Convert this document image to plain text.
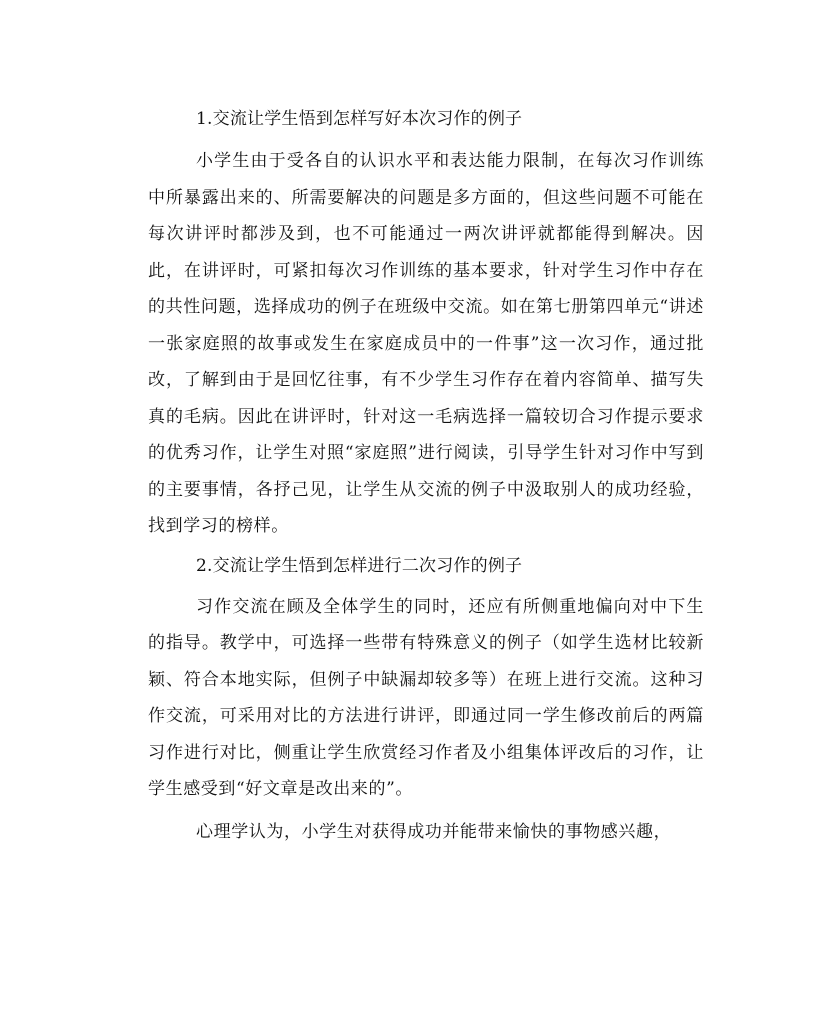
1.交流让学生悟到怎样写好本次习作的例子

小学生由于受各自的认识水平和表达能力限制，在每次习作训练中所暴露出来的、所需要解决的问题是多方面的，但这些问题不可能在每次讲评时都涉及到，也不可能通过一两次讲评就都能得到解决。因此，在讲评时，可紧扣每次习作训练的基本要求，针对学生习作中存在的共性问题，选择成功的例子在班级中交流。如在第七册第四单元“讲述一张家庭照的故事或发生在家庭成员中的一件事”这一次习作，通过批改，了解到由于是回忆往事，有不少学生习作存在着内容简单、描写失真的毛病。因此在讲评时，针对这一毛病选择一篇较切合习作提示要求的优秀习作，让学生对照“家庭照”进行阅读，引导学生针对习作中写到的主要事情，各抒己见，让学生从交流的例子中汲取别人的成功经验，找到学习的榜样。

2.交流让学生悟到怎样进行二次习作的例子

习作交流在顾及全体学生的同时，还应有所侧重地偏向对中下生的指导。教学中，可选择一些带有特殊意义的例子（如学生选材比较新颖、符合本地实际，但例子中缺漏却较多等）在班上进行交流。这种习作交流，可采用对比的方法进行讲评，即通过同一学生修改前后的两篇习作进行对比，侧重让学生欣赏经习作者及小组集体评改后的习作，让学生感受到“好文章是改出来的”。

心理学认为，小学生对获得成功并能带来愉快的事物感兴趣，
